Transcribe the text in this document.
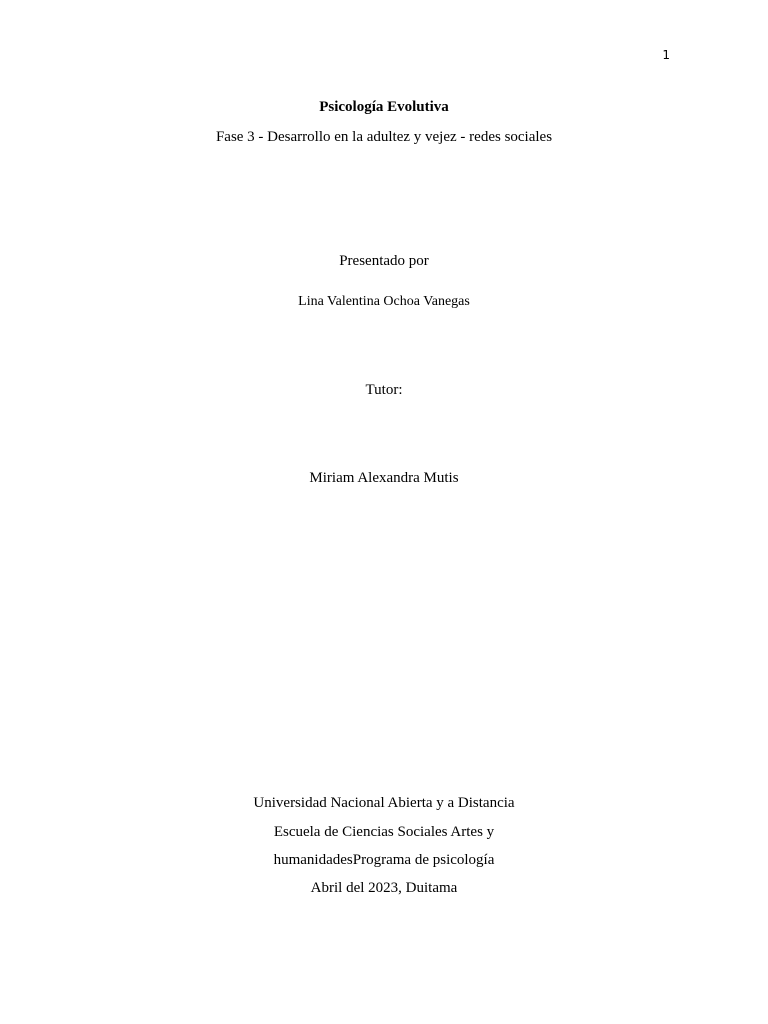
1
Psicología Evolutiva
Fase 3 - Desarrollo en la adultez y vejez - redes sociales
Presentado por
Lina Valentina Ochoa Vanegas
Tutor:
Miriam Alexandra Mutis
Universidad Nacional Abierta y a Distancia
Escuela de Ciencias Sociales Artes y
humanidadesPrograma de psicología
Abril del 2023, Duitama
